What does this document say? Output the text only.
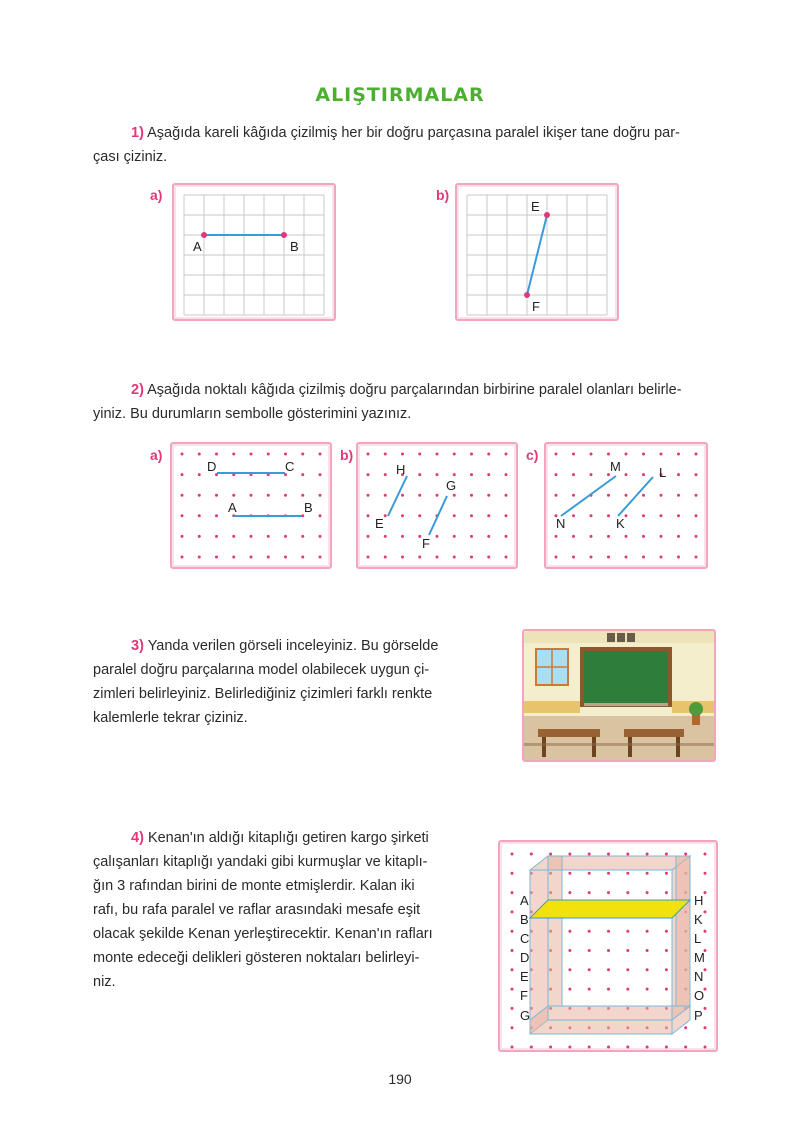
ALIŞTIRMALAR
1) Aşağıda kareli kâğıda çizilmiş her bir doğru parçasına paralel ikişer tane doğru par-
çası çiziniz.
a)
A	B
b)
E
F
2) Aşağıda noktalı kâğıda çizilmiş doğru parçalarından birbirine paralel olanları belirle-
yiniz. Bu durumların sembolle gösterimini yazınız.
a)
D	C
A	B
b)
H
G
E
F
c)
M	L
N	K
3) Yanda verilen görseli inceleyiniz. Bu görselde
paralel doğru parçalarına model olabilecek uygun çi-
zimleri belirleyiniz. Belirlediğiniz çizimleri farklı renkte
kalemlerle tekrar çiziniz.
4) Kenan'ın aldığı kitaplığı getiren kargo şirketi
çalışanları kitaplığı yandaki gibi kurmuşlar ve kitaplı-
ğın 3 rafından birini de monte etmişlerdir. Kalan iki
rafı, bu rafa paralel ve raflar arasındaki mesafe eşit
olacak şekilde Kenan yerleştirecektir. Kenan'ın rafları
monte edeceği delikleri gösteren noktaları belirleyi-
niz.
A
B
C
D
E
F
G
H
K
L
M
N
O
P
190
